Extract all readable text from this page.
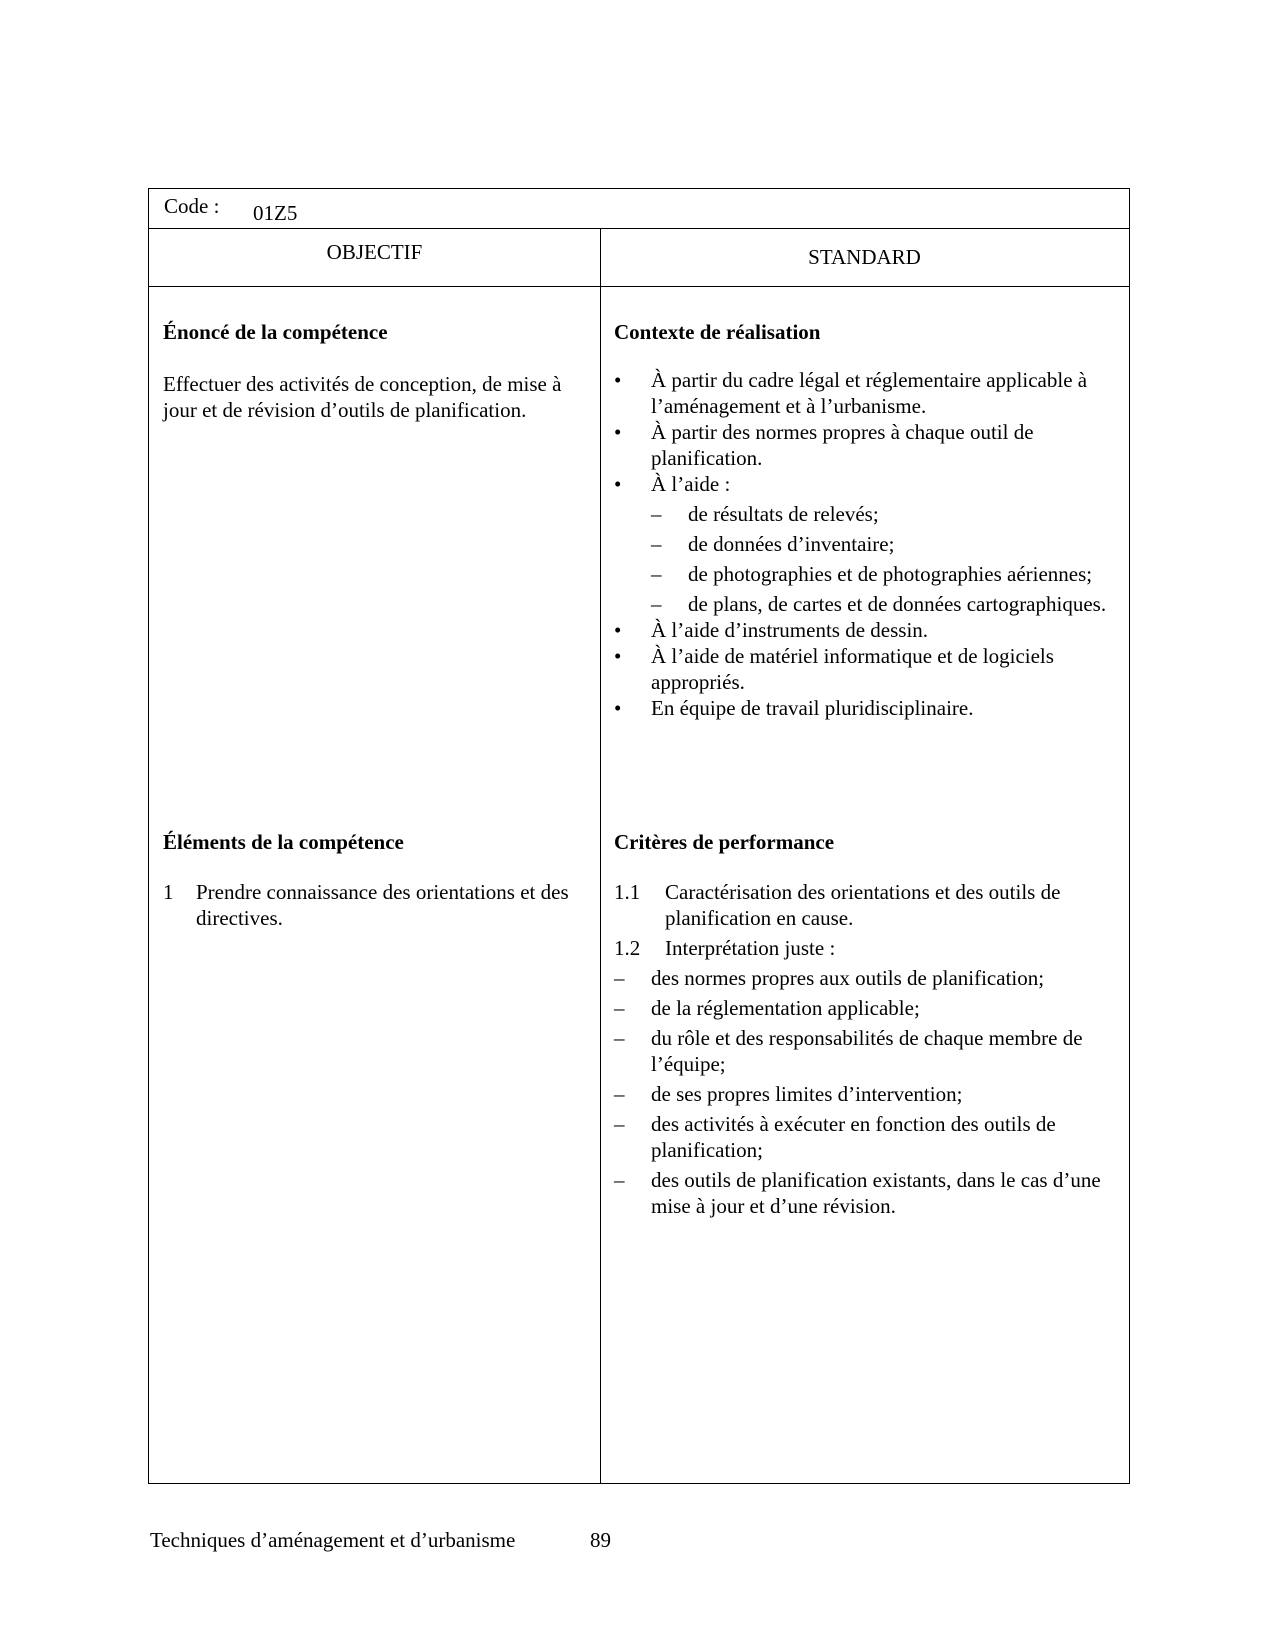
Code : 01Z5
OBJECTIF	STANDARD
Énoncé de la compétence
Effectuer des activités de conception, de mise à jour et de révision d’outils de planification.
Contexte de réalisation
• À partir du cadre légal et réglementaire applicable à l’aménagement et à l’urbanisme.
• À partir des normes propres à chaque outil de planification.
• À l’aide :
– de résultats de relevés;
– de données d’inventaire;
– de photographies et de photographies aériennes;
– de plans, de cartes et de données cartographiques.
• À l’aide d’instruments de dessin.
• À l’aide de matériel informatique et de logiciels appropriés.
• En équipe de travail pluridisciplinaire.
Éléments de la compétence
1 Prendre connaissance des orientations et des directives.
Critères de performance
1.1 Caractérisation des orientations et des outils de planification en cause.
1.2 Interprétation juste :
– des normes propres aux outils de planification;
– de la réglementation applicable;
– du rôle et des responsabilités de chaque membre de l’équipe;
– de ses propres limites d’intervention;
– des activités à exécuter en fonction des outils de planification;
– des outils de planification existants, dans le cas d’une mise à jour et d’une révision.
Techniques d’aménagement et d’urbanisme	89
